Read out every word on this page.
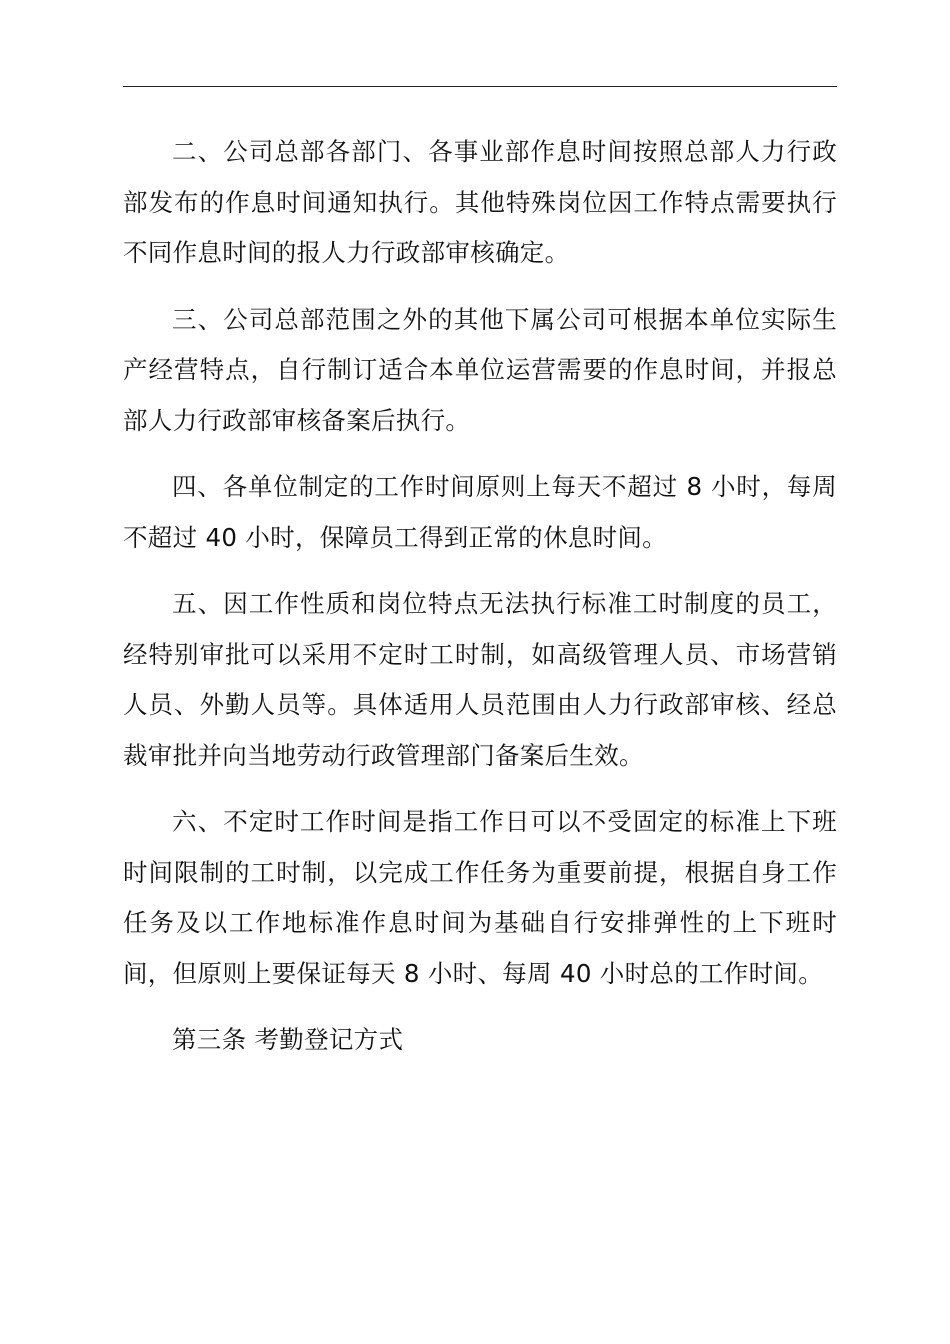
二、公司总部各部门、各事业部作息时间按照总部人力行政部发布的作息时间通知执行。其他特殊岗位因工作特点需要执行不同作息时间的报人力行政部审核确定。

三、公司总部范围之外的其他下属公司可根据本单位实际生产经营特点，自行制订适合本单位运营需要的作息时间，并报总部人力行政部审核备案后执行。

四、各单位制定的工作时间原则上每天不超过 8 小时，每周不超过 40 小时，保障员工得到正常的休息时间。

五、因工作性质和岗位特点无法执行标准工时制度的员工，经特别审批可以采用不定时工时制，如高级管理人员、市场营销人员、外勤人员等。具体适用人员范围由人力行政部审核、经总裁审批并向当地劳动行政管理部门备案后生效。

六、不定时工作时间是指工作日可以不受固定的标准上下班时间限制的工时制，以完成工作任务为重要前提，根据自身工作任务及以工作地标准作息时间为基础自行安排弹性的上下班时间，但原则上要保证每天 8 小时、每周 40 小时总的工作时间。

第三条 考勤登记方式
